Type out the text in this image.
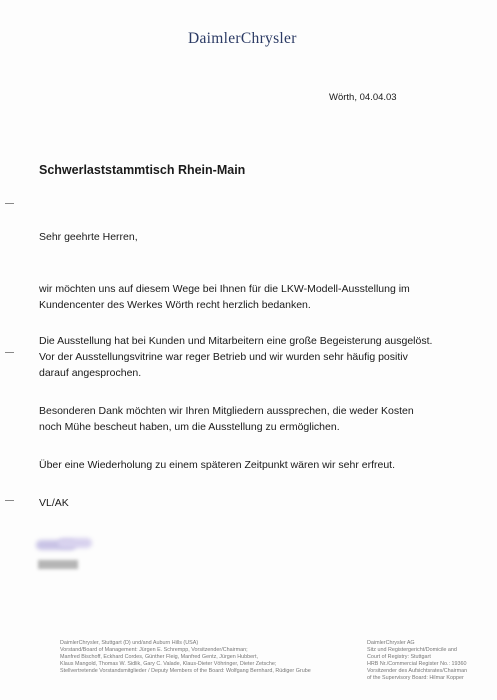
DaimlerChrysler
Wörth, 04.04.03
Schwerlaststammtisch Rhein-Main
Sehr geehrte Herren,
wir möchten uns auf diesem Wege bei Ihnen für die LKW-Modell-Ausstellung im
Kundencenter des Werkes Wörth recht herzlich bedanken.
Die Ausstellung hat bei Kunden und Mitarbeitern eine große Begeisterung ausgelöst.
Vor der Ausstellungsvitrine war reger Betrieb und wir wurden sehr häufig positiv
darauf angesprochen.
Besonderen Dank möchten wir Ihren Mitgliedern aussprechen, die weder Kosten
noch Mühe bescheut haben, um die Ausstellung zu ermöglichen.
Über eine Wiederholung zu einem späteren Zeitpunkt wären wir sehr erfreut.
VL/AK
DaimlerChrysler, Stuttgart (D) und/and Auburn Hills (USA)
Vorstand/Board of Management: Jürgen E. Schrempp, Vorsitzender/Chairman;
Manfred Bischoff, Eckhard Cordes, Günther Fleig, Manfred Gentz, Jürgen Hubbert,
Klaus Mangold, Thomas W. Sidlik, Gary C. Valade, Klaus-Dieter Vöhringer, Dieter Zetsche;
Stellvertretende Vorstandsmitglieder / Deputy Members of the Board: Wolfgang Bernhard, Rüdiger Grube
DaimlerChrysler AG
Sitz und Registergericht/Domicile and
Court of Registry: Stuttgart
HRB Nr./Commercial Register No.: 19360
Vorsitzender des Aufsichtsrates/Chairman
of the Supervisory Board: Hilmar Kopper
